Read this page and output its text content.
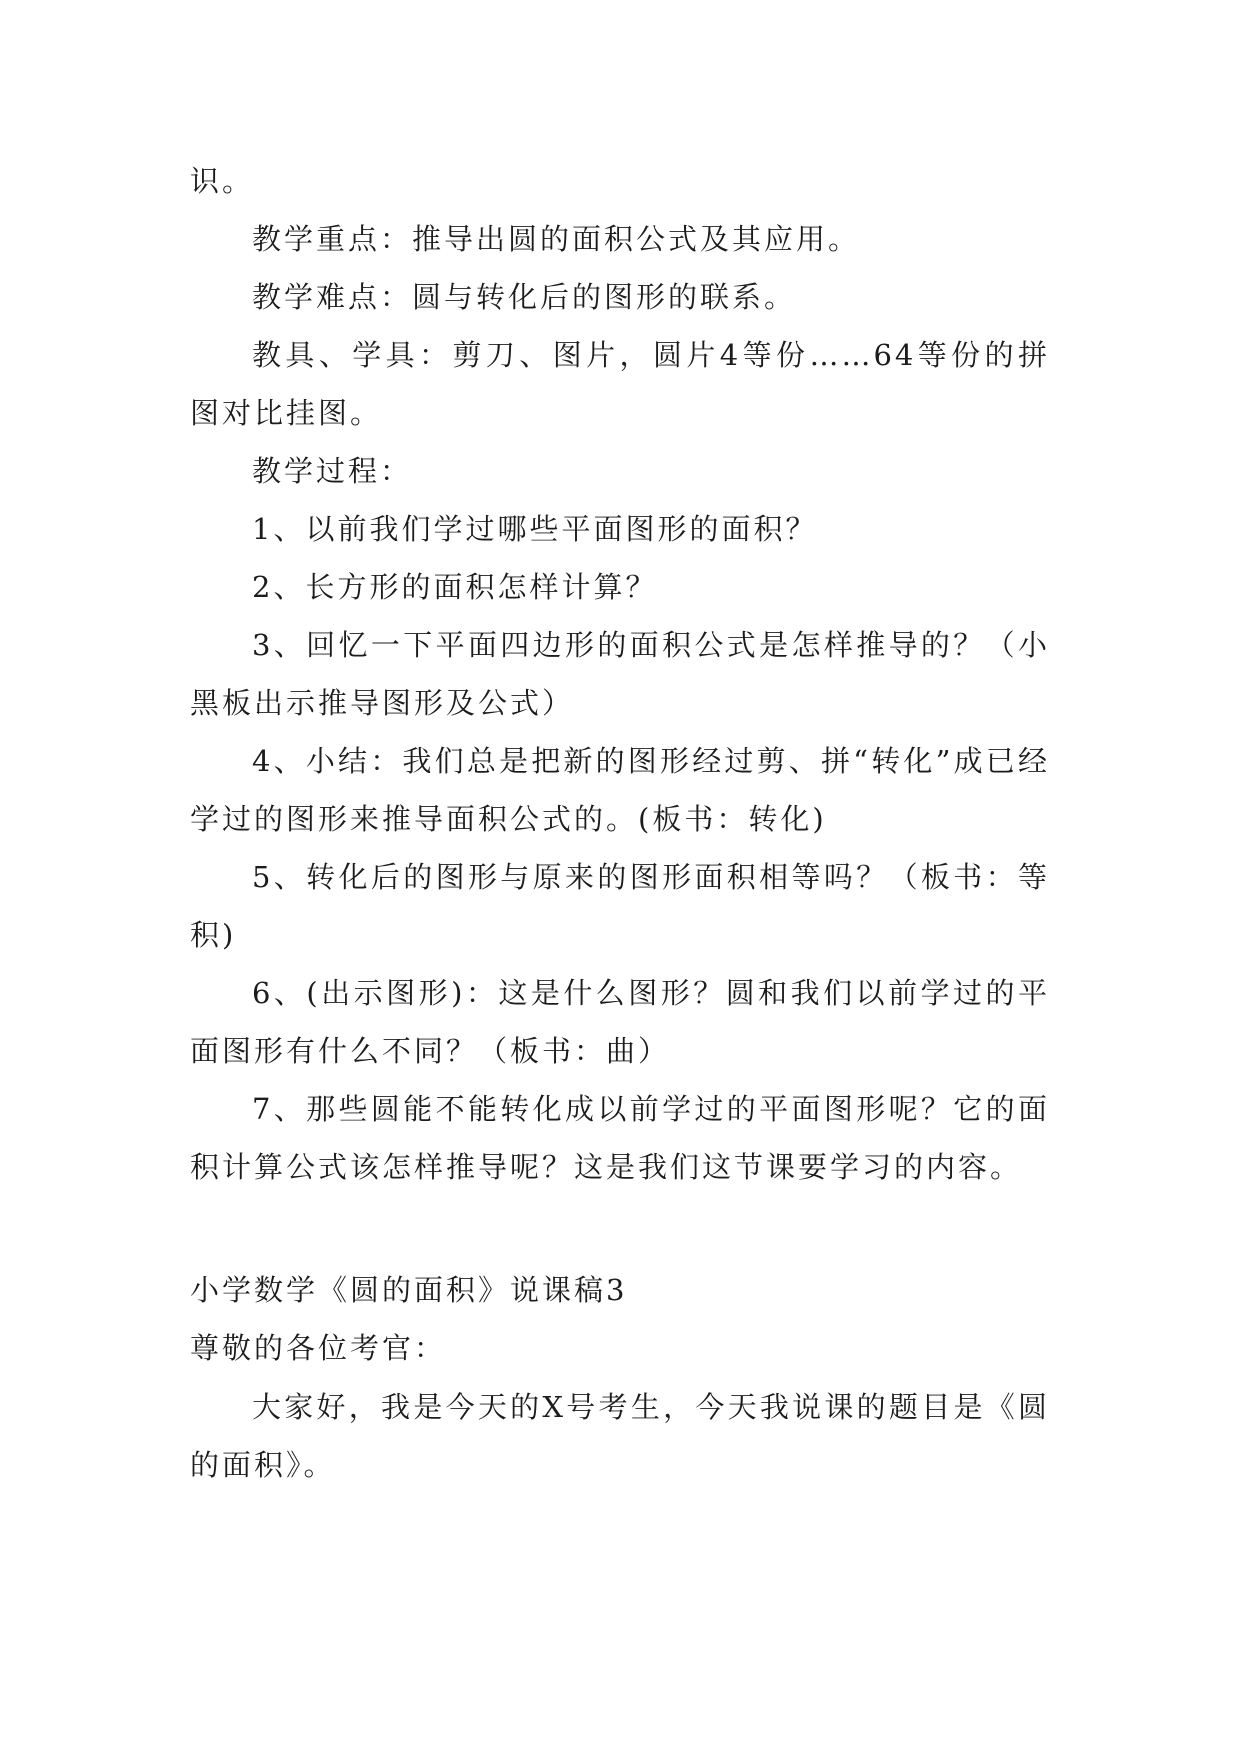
识。

教学重点：推导出圆的面积公式及其应用。

教学难点：圆与转化后的图形的联系。

教具、学具：剪刀、图片，圆片4等份……64等份的拼图对比挂图。

教学过程：

1、以前我们学过哪些平面图形的面积？

2、长方形的面积怎样计算？

3、回忆一下平面四边形的面积公式是怎样推导的？（小黑板出示推导图形及公式）

4、小结：我们总是把新的图形经过剪、拼“转化”成已经学过的图形来推导面积公式的。(板书：转化)

5、转化后的图形与原来的图形面积相等吗？（板书：等积)

6、(出示图形)：这是什么图形？圆和我们以前学过的平面图形有什么不同？（板书：曲）

7、那些圆能不能转化成以前学过的平面图形呢？它的面积计算公式该怎样推导呢？这是我们这节课要学习的内容。

小学数学《圆的面积》说课稿3

尊敬的各位考官：

大家好，我是今天的X号考生，今天我说课的题目是《圆的面积》。
